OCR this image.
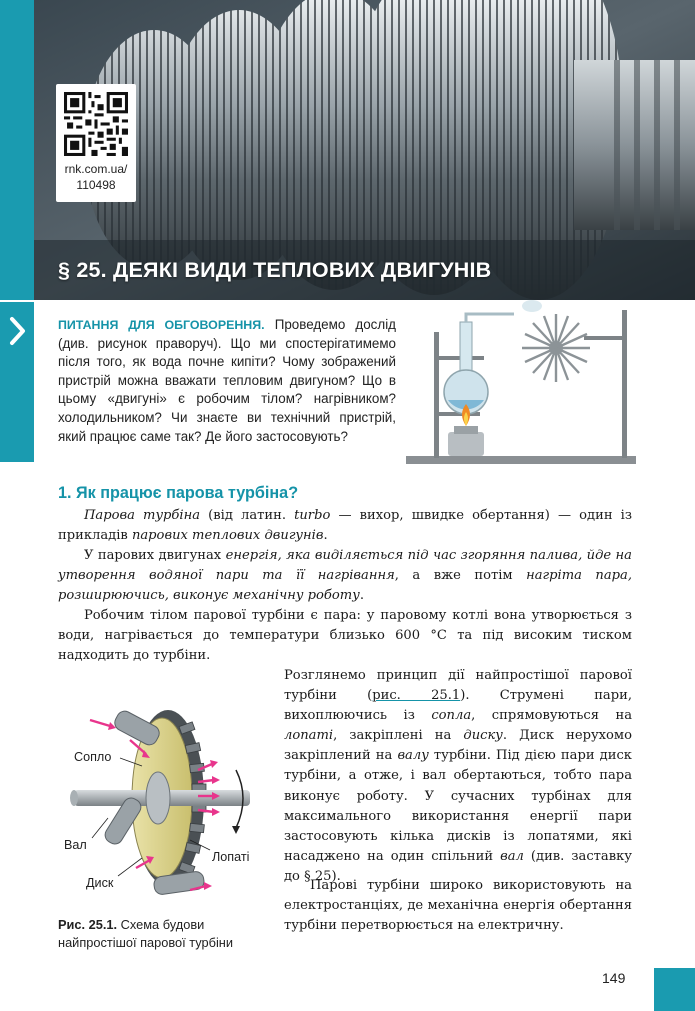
rnk.com.ua/
110498
§ 25. ДЕЯКІ ВИДИ ТЕПЛОВИХ ДВИГУНІВ
ПИТАННЯ ДЛЯ ОБГОВОРЕННЯ. Проведемо дослід (див. рисунок праворуч). Що ми спостерігатимемо після того, як вода почне кипіти? Чому зображений пристрій можна вважати тепловим двигуном? Що в цьому «двигуні» є робочим тілом? нагрівником? холодильником? Чи знаєте ви технічний пристрій, який працює саме так? Де його застосовують?
1. Як працює парова турбіна?
Парова турбіна (від латин. turbo — вихор, швидке обертання) — один із прикладів парових теплових двигунів.
У парових двигунах енергія, яка виділяється під час згоряння палива, йде на утворення водяної пари та її нагрівання, а вже потім нагріта пара, розширюючись, виконує механічну роботу.
Робочим тілом парової турбіни є пара: у паровому котлі вона утворюється з води, нагрівається до температури близько 600 °С та під високим тиском надходить до турбіни.
Розглянемо принцип дії найпростішої парової турбіни (рис. 25.1). Струмені пари, вихоплюючись із сопла, спрямовуються на лопаті, закріплені на диску. Диск нерухомо закріплений на валу турбіни. Під дією пари диск турбіни, а отже, і вал обертаються, тобто пара виконує роботу. У сучасних турбінах для максимального використання енергії пари застосовують кілька дисків із лопатями, які насаджено на один спільний вал (див. заставку до § 25).
Парові турбіни широко використовують на електростанціях, де механічна енергія обертання турбіни перетворюється на електричну.
Сопло
Вал
Лопаті
Диск
Рис. 25.1. Схема будови найпростішої парової турбіни
149
